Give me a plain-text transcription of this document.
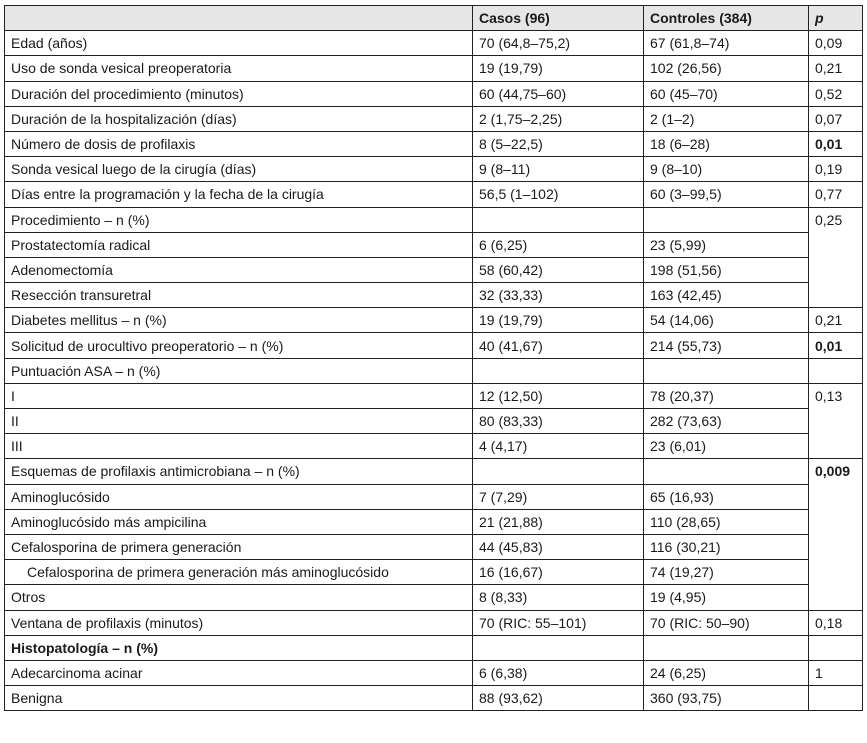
	Casos (96)	Controles (384)	p
Edad (años)	70 (64,8–75,2)	67 (61,8–74)	0,09
Uso de sonda vesical preoperatoria	19 (19,79)	102 (26,56)	0,21
Duración del procedimiento (minutos)	60 (44,75–60)	60 (45–70)	0,52
Duración de la hospitalización (días)	2 (1,75–2,25)	2 (1–2)	0,07
Número de dosis de profilaxis	8 (5–22,5)	18 (6–28)	0,01
Sonda vesical luego de la cirugía (días)	9 (8–11)	9 (8–10)	0,19
Días entre la programación y la fecha de la cirugía	56,5 (1–102)	60 (3–99,5)	0,77
Procedimiento – n (%)			0,25
Prostatectomía radical	6 (6,25)	23 (5,99)	
Adenomectomía	58 (60,42)	198 (51,56)	
Resección transuretral	32 (33,33)	163 (42,45)	
Diabetes mellitus – n (%)	19 (19,79)	54 (14,06)	0,21
Solicitud de urocultivo preoperatorio – n (%)	40 (41,67)	214 (55,73)	0,01
Puntuación ASA – n (%)			
I	12 (12,50)	78 (20,37)	0,13
II	80 (83,33)	282 (73,63)	
III	4 (4,17)	23 (6,01)	
Esquemas de profilaxis antimicrobiana – n (%)			0,009
Aminoglucósido	7 (7,29)	65 (16,93)	
Aminoglucósido más ampicilina	21 (21,88)	110 (28,65)	
Cefalosporina de primera generación	44 (45,83)	116 (30,21)	
Cefalosporina de primera generación más aminoglucósido	16 (16,67)	74 (19,27)	
Otros	8 (8,33)	19 (4,95)	
Ventana de profilaxis (minutos)	70 (RIC: 55–101)	70 (RIC: 50–90)	0,18
Histopatología – n (%)			
Adecarcinoma acinar	6 (6,38)	24 (6,25)	1
Benigna	88 (93,62)	360 (93,75)	
